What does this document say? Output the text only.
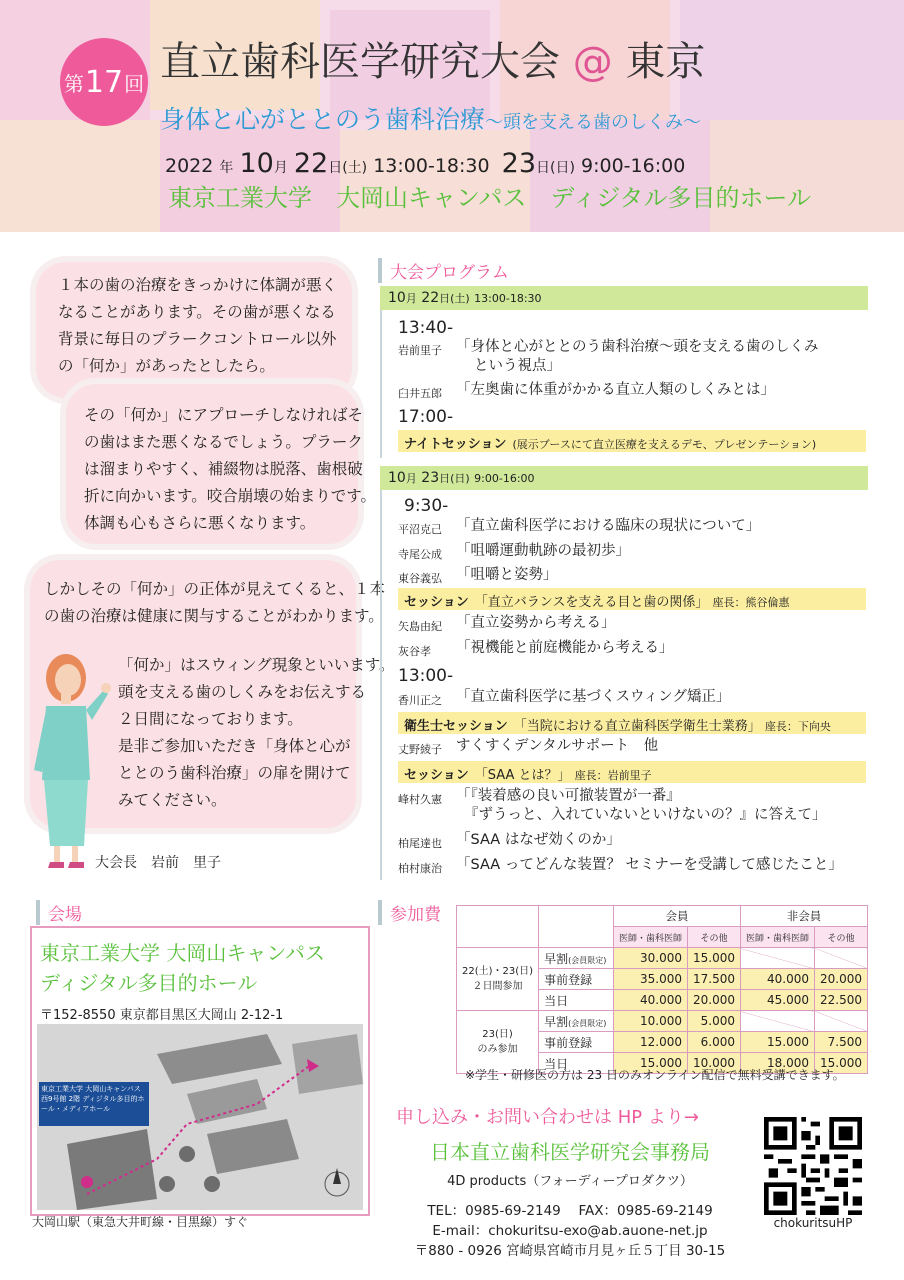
第 17 回 直立歯科医学研究大会 @ 東京
身体と心がととのう歯科治療〜頭を支える歯のしくみ〜
2022 年 10月 22日(土) 13:00-18:30 23日(日) 9:00-16:00
東京工業大学　大岡山キャンパス　ディジタル多目的ホール

１本の歯の治療をきっかけに体調が悪く

なることがあります。その歯が悪くなる

背景に毎日のプラークコントロール以外

の「何か」があったとしたら。

その「何か」にアプローチしなければそ

の歯はまた悪くなるでしょう。プラーク

は溜まりやすく、補綴物は脱落、歯根破

折に向かいます。咬合崩壊の始まりです。

体調も心もさらに悪くなります。

しかしその「何か」の正体が見えてくると、１本

の歯の治療は健康に関与することがわかります。

「何か」はスウィング現象といいます。

頭を支える歯のしくみをお伝えする

２日間になっております。

是非ご参加いただき「身体と心が

ととのう歯科治療」の扉を開けて

みてください。

大会長　岩前　里子
大会プログラム
10月 22日(土) 13:00-18:30
13:40-
岩前里子 「身体と心がととのう歯科治療〜頭を支える歯のしくみ
という視点」
臼井五郎 「左奥歯に体重がかかる直立人類のしくみとは」
17:00-
ナイトセッション (展示ブースにて直立医療を支えるデモ、プレゼンテーション)
10月 23日(日) 9:00-16:00
9:30-
平沼克己 「直立歯科医学における臨床の現状について」
寺尾公成 「咀嚼運動軌跡の最初歩」
東谷義弘 「咀嚼と姿勢」
セッション 「直立バランスを支える目と歯の関係」 座長：熊谷倫惠
矢島由紀 「直立姿勢から考える」
灰谷孝 「視機能と前庭機能から考える」
13:00-
香川正之 「直立歯科医学に基づくスウィング矯正」
衛生士セッション 「当院における直立歯科医学衛生士業務」 座長：下向央
丈野綾子 すくすくデンタルサポート　他
セッション 「SAA とは？」 座長：岩前里子
峰村久憲 「『装着感の良い可撤装置が一番』
『ずうっと、入れていないといけないの？』に答えて」
柏尾達也 「SAA はなぜ効くのか」
柏村康治 「SAA ってどんな装置？ セミナーを受講して感じたこと」
会場
東京工業大学 大岡山キャンパス
ディジタル多目的ホール
〒152-8550 東京都目黒区大岡山 2-12-1
東京工業大学 大岡山キャンパス 西9号館 2階 ディジタル多目的ホール・メディアホール
大岡山駅（東急大井町線・目黒線）すぐ
参加費
			会員		非会員	
		医師・歯科医師	その他	医師・歯科医師	その他

22(土)・23(日)
２日間参加	早割(会員限定)	30.000	15.000		
	事前登録	35.000	17.500	40.000	20.000
	当日	40.000	20.000	45.000	22.500

23(日)
のみ参加	早割(会員限定)	10.000	5.000		
	事前登録	12.000	6.000	15.000	7.500
	当日	15.000	10.000	18.000	15.000
※学生・研修医の方は 23 日のみオンライン配信で無料受講できます。
申し込み・お問い合わせは HP より→
日本直立歯科医学研究会事務局
4D products（フォーディープロダクツ）
TEL：0985-69-2149　 FAX：0985-69-2149
E-mail：chokuritsu-exo@ab.auone-net.jp
〒880 - 0926 宮崎県宮崎市月見ヶ丘５丁目 30-15
chokuritsuHP
